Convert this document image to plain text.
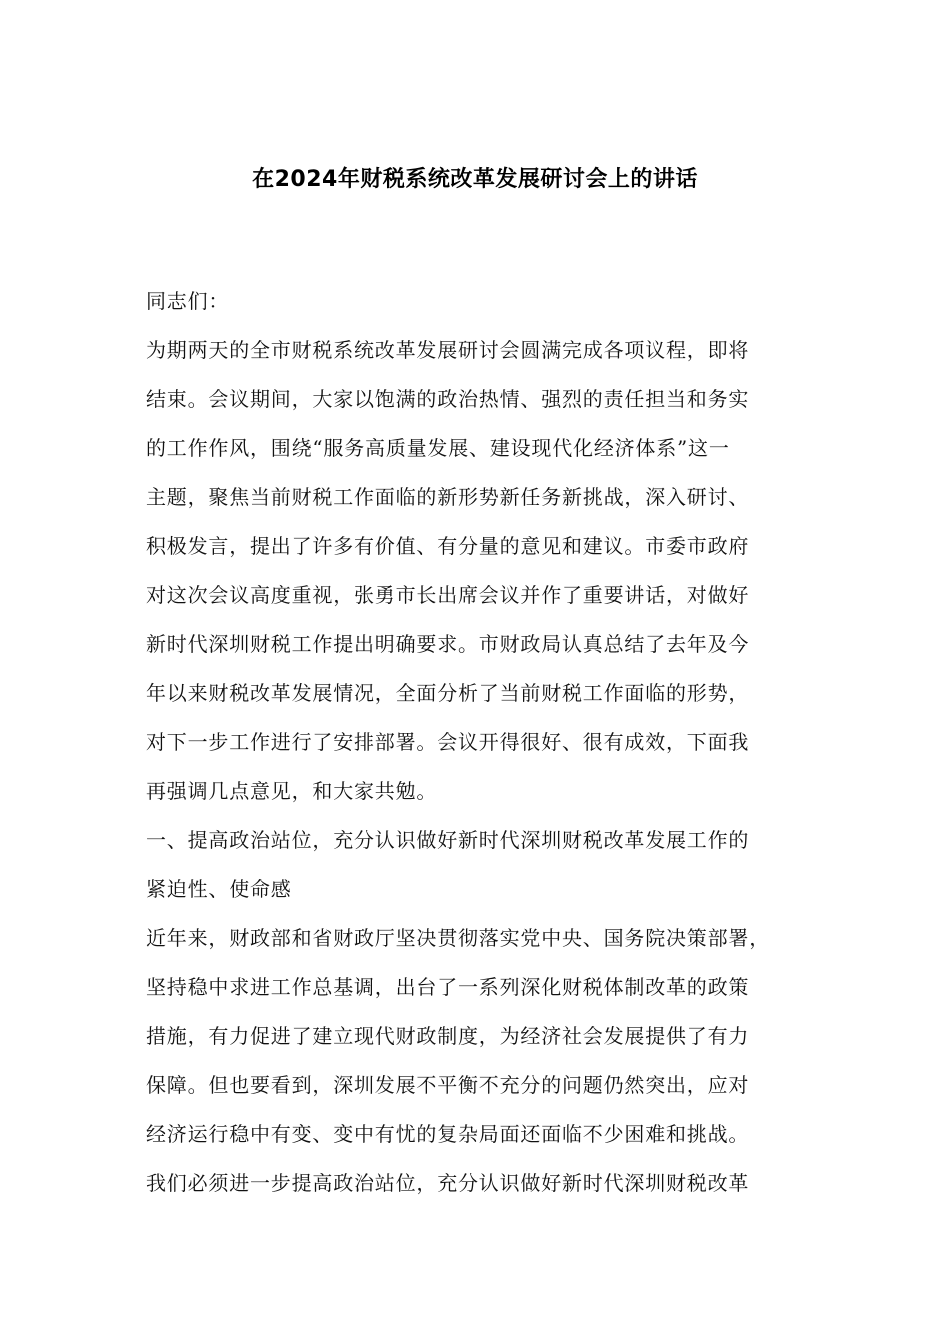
在2024年财税系统改革发展研讨会上的讲话
同志们：
为期两天的全市财税系统改革发展研讨会圆满完成各项议程，即将
结束。会议期间，大家以饱满的政治热情、强烈的责任担当和务实
的工作作风，围绕“服务高质量发展、建设现代化经济体系”这一
主题，聚焦当前财税工作面临的新形势新任务新挑战，深入研讨、
积极发言，提出了许多有价值、有分量的意见和建议。市委市政府
对这次会议高度重视，张勇市长出席会议并作了重要讲话，对做好
新时代深圳财税工作提出明确要求。市财政局认真总结了去年及今
年以来财税改革发展情况，全面分析了当前财税工作面临的形势，
对下一步工作进行了安排部署。会议开得很好、很有成效，下面我
再强调几点意见，和大家共勉。
一、提高政治站位，充分认识做好新时代深圳财税改革发展工作的
紧迫性、使命感
近年来，财政部和省财政厅坚决贯彻落实党中央、国务院决策部署，
坚持稳中求进工作总基调，出台了一系列深化财税体制改革的政策
措施，有力促进了建立现代财政制度，为经济社会发展提供了有力
保障。但也要看到，深圳发展不平衡不充分的问题仍然突出，应对
经济运行稳中有变、变中有忧的复杂局面还面临不少困难和挑战。
我们必须进一步提高政治站位，充分认识做好新时代深圳财税改革
